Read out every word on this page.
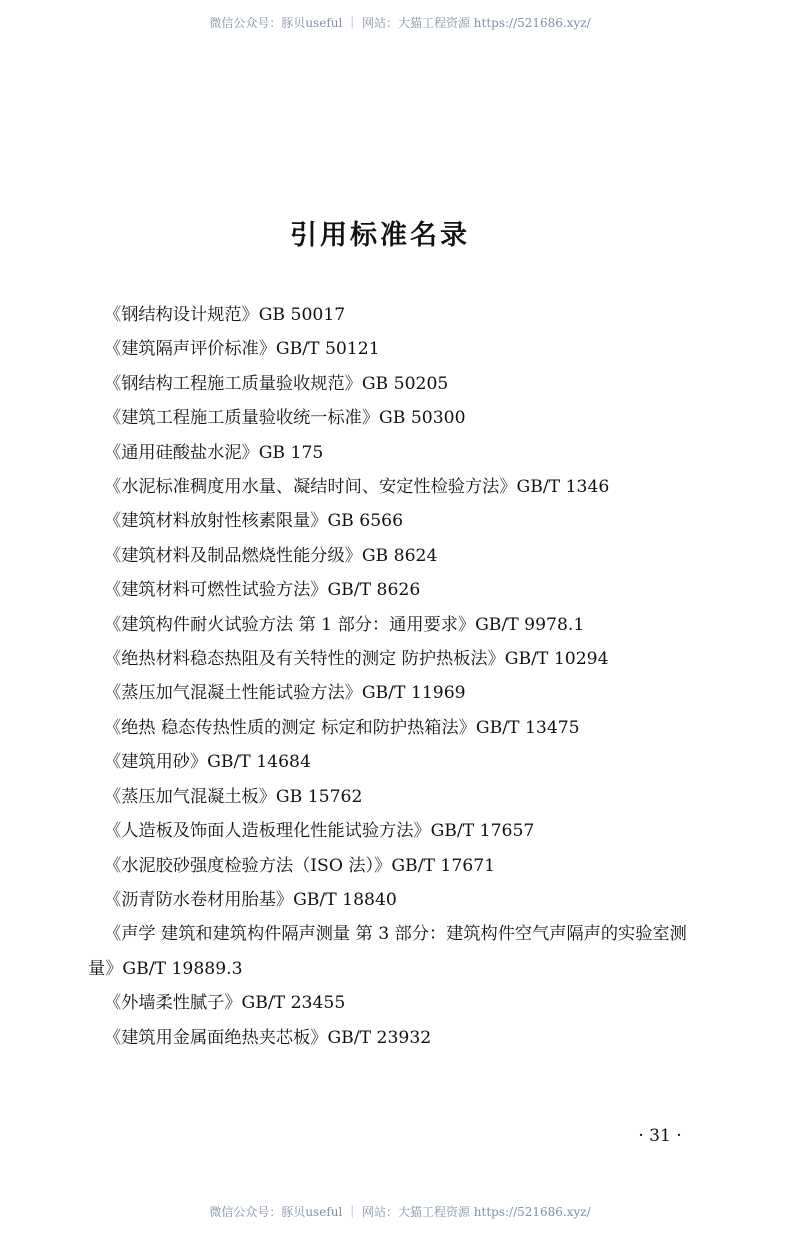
微信公众号：豚贝useful ｜ 网站：大猫工程资源 https://521686.xyz/
引用标准名录
《钢结构设计规范》GB 50017
《建筑隔声评价标准》GB/T 50121
《钢结构工程施工质量验收规范》GB 50205
《建筑工程施工质量验收统一标准》GB 50300
《通用硅酸盐水泥》GB 175
《水泥标准稠度用水量、凝结时间、安定性检验方法》GB/T 1346
《建筑材料放射性核素限量》GB 6566
《建筑材料及制品燃烧性能分级》GB 8624
《建筑材料可燃性试验方法》GB/T 8626
《建筑构件耐火试验方法 第 1 部分：通用要求》GB/T 9978.1
《绝热材料稳态热阻及有关特性的测定 防护热板法》GB/T 10294
《蒸压加气混凝土性能试验方法》GB/T 11969
《绝热 稳态传热性质的测定 标定和防护热箱法》GB/T 13475
《建筑用砂》GB/T 14684
《蒸压加气混凝土板》GB 15762
《人造板及饰面人造板理化性能试验方法》GB/T 17657
《水泥胶砂强度检验方法（ISO 法）》GB/T 17671
《沥青防水卷材用胎基》GB/T 18840
《声学 建筑和建筑构件隔声测量 第 3 部分：建筑构件空气声隔声的实验室测量》GB/T 19889.3
《外墙柔性腻子》GB/T 23455
《建筑用金属面绝热夹芯板》GB/T 23932
· 31 ·
微信公众号：豚贝useful ｜ 网站：大猫工程资源 https://521686.xyz/
